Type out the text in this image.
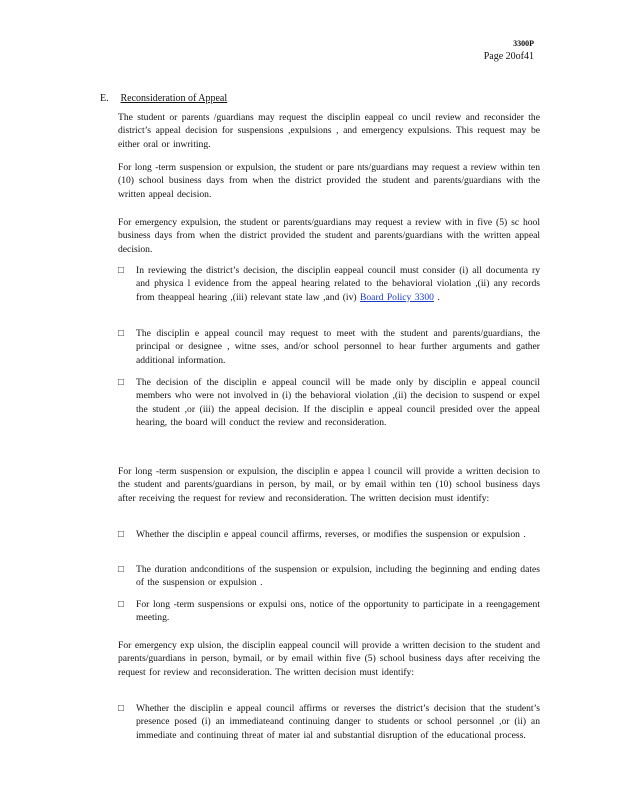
3300P
Page 20of41
E. Reconsideration of Appeal

The student or parents /guardians may request the disciplin eappeal co uncil review and reconsider the district’s appeal decision for suspensions ,expulsions , and emergency expulsions. This request may be either oral or inwriting.

For long -term suspension or expulsion, the student or pare nts/guardians may request a review within ten (10) school business days from when the district provided the student and parents/guardians with the written appeal decision.

For emergency expulsion, the student or parents/guardians may request a review with in five (5) sc hool business days from when the district provided the student and parents/guardians with the written appeal decision.

□ In reviewing the district’s decision, the disciplin eappeal council must consider (i) all documenta ry and physica l evidence from the appeal hearing related to the behavioral violation ,(ii) any records from theappeal hearing ,(iii) relevant state law ,and (iv) Board Policy 3300 .
□ The disciplin e appeal council may request to meet with the student and parents/guardians, the principal or designee , witne sses, and/or school personnel to hear further arguments and gather additional information.
□ The decision of the disciplin e appeal council will be made only by disciplin e appeal council members who were not involved in (i) the behavioral violation ,(ii) the decision to suspend or expel the student ,or (iii) the appeal decision. If the disciplin e appeal council presided over the appeal hearing, the board will conduct the review and reconsideration.

For long -term suspension or expulsion, the disciplin e appea l council will provide a written decision to the student and parents/guardians in person, by mail, or by email within ten (10) school business days after receiving the request for review and reconsideration. The written decision must identify:

□ Whether the disciplin e appeal council affirms, reverses, or modifies the suspension or expulsion .
□ The duration andconditions of the suspension or expulsion, including the beginning and ending dates of the suspension or expulsion .
□ For long -term suspensions or expulsi ons, notice of the opportunity to participate in a reengagement meeting.

For emergency exp ulsion, the disciplin eappeal council will provide a written decision to the student and parents/guardians in person, bymail, or by email within five (5) school business days after receiving the request for review and reconsideration. The written decision must identify:

□ Whether the disciplin e appeal council affirms or reverses the district’s decision that the student’s presence posed (i) an immediateand continuing danger to students or school personnel ,or (ii) an immediate and continuing threat of mater ial and substantial disruption of the educational process.
